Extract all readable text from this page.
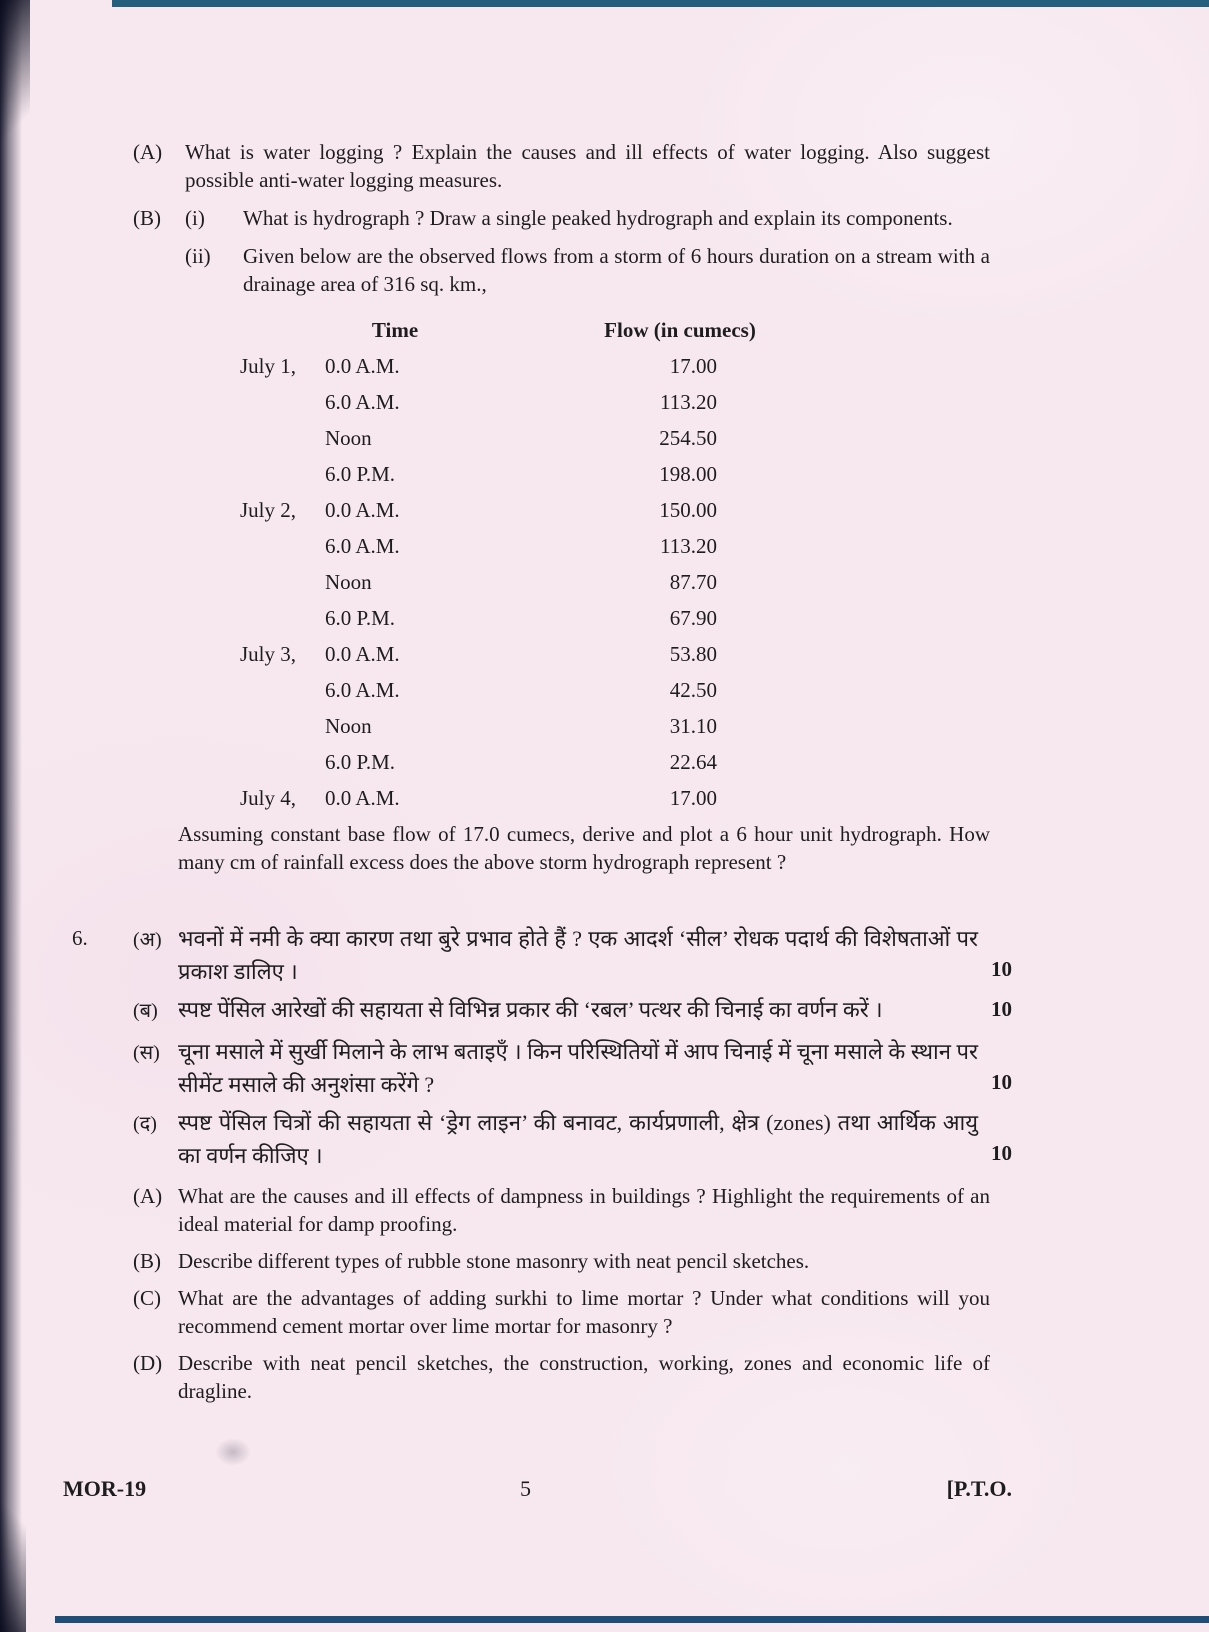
(A)	What is water logging ? Explain the causes and ill effects of water logging. Also suggest possible anti-water logging measures.
(B)	(i)	What is hydrograph ? Draw a single peaked hydrograph and explain its components.
(ii)	Given below are the observed flows from a storm of 6 hours duration on a stream with a drainage area of 316 sq. km.,
	Time	Flow (in cumecs)
July 1,	0.0 A.M.	17.00
	6.0 A.M.	113.20
	Noon	254.50
	6.0 P.M.	198.00
July 2,	0.0 A.M.	150.00
	6.0 A.M.	113.20
	Noon	87.70
	6.0 P.M.	67.90
July 3,	0.0 A.M.	53.80
	6.0 A.M.	42.50
	Noon	31.10
	6.0 P.M.	22.64
July 4,	0.0 A.M.	17.00

Assuming constant base flow of 17.0 cumecs, derive and plot a 6 hour unit hydrograph. How many cm of rainfall excess does the above storm hydrograph represent ?

6. (अ) भवनों में नमी के क्या कारण तथा बुरे प्रभाव होते हैं ? एक आदर्श ‘सील’ रोधक पदार्थ की विशेषताओं पर प्रकाश डालिए ।	10
(ब) स्पष्ट पेंसिल आरेखों की सहायता से विभिन्न प्रकार की ‘रबल’ पत्थर की चिनाई का वर्णन करें ।	10
(स) चूना मसाले में सुर्खी मिलाने के लाभ बताइएँ । किन परिस्थितियों में आप चिनाई में चूना मसाले के स्थान पर सीमेंट मसाले की अनुशंसा करेंगे ?	10
(द) स्पष्ट पेंसिल चित्रों की सहायता से ‘ड्रेग लाइन’ की बनावट, कार्यप्रणाली, क्षेत्र (zones) तथा आर्थिक आयु का वर्णन कीजिए ।	10
(A) What are the causes and ill effects of dampness in buildings ? Highlight the requirements of an ideal material for damp proofing.
(B) Describe different types of rubble stone masonry with neat pencil sketches.
(C) What are the advantages of adding surkhi to lime mortar ? Under what conditions will you recommend cement mortar over lime mortar for masonry ?
(D) Describe with neat pencil sketches, the construction, working, zones and economic life of dragline.
MOR-19	5	[P.T.O.
